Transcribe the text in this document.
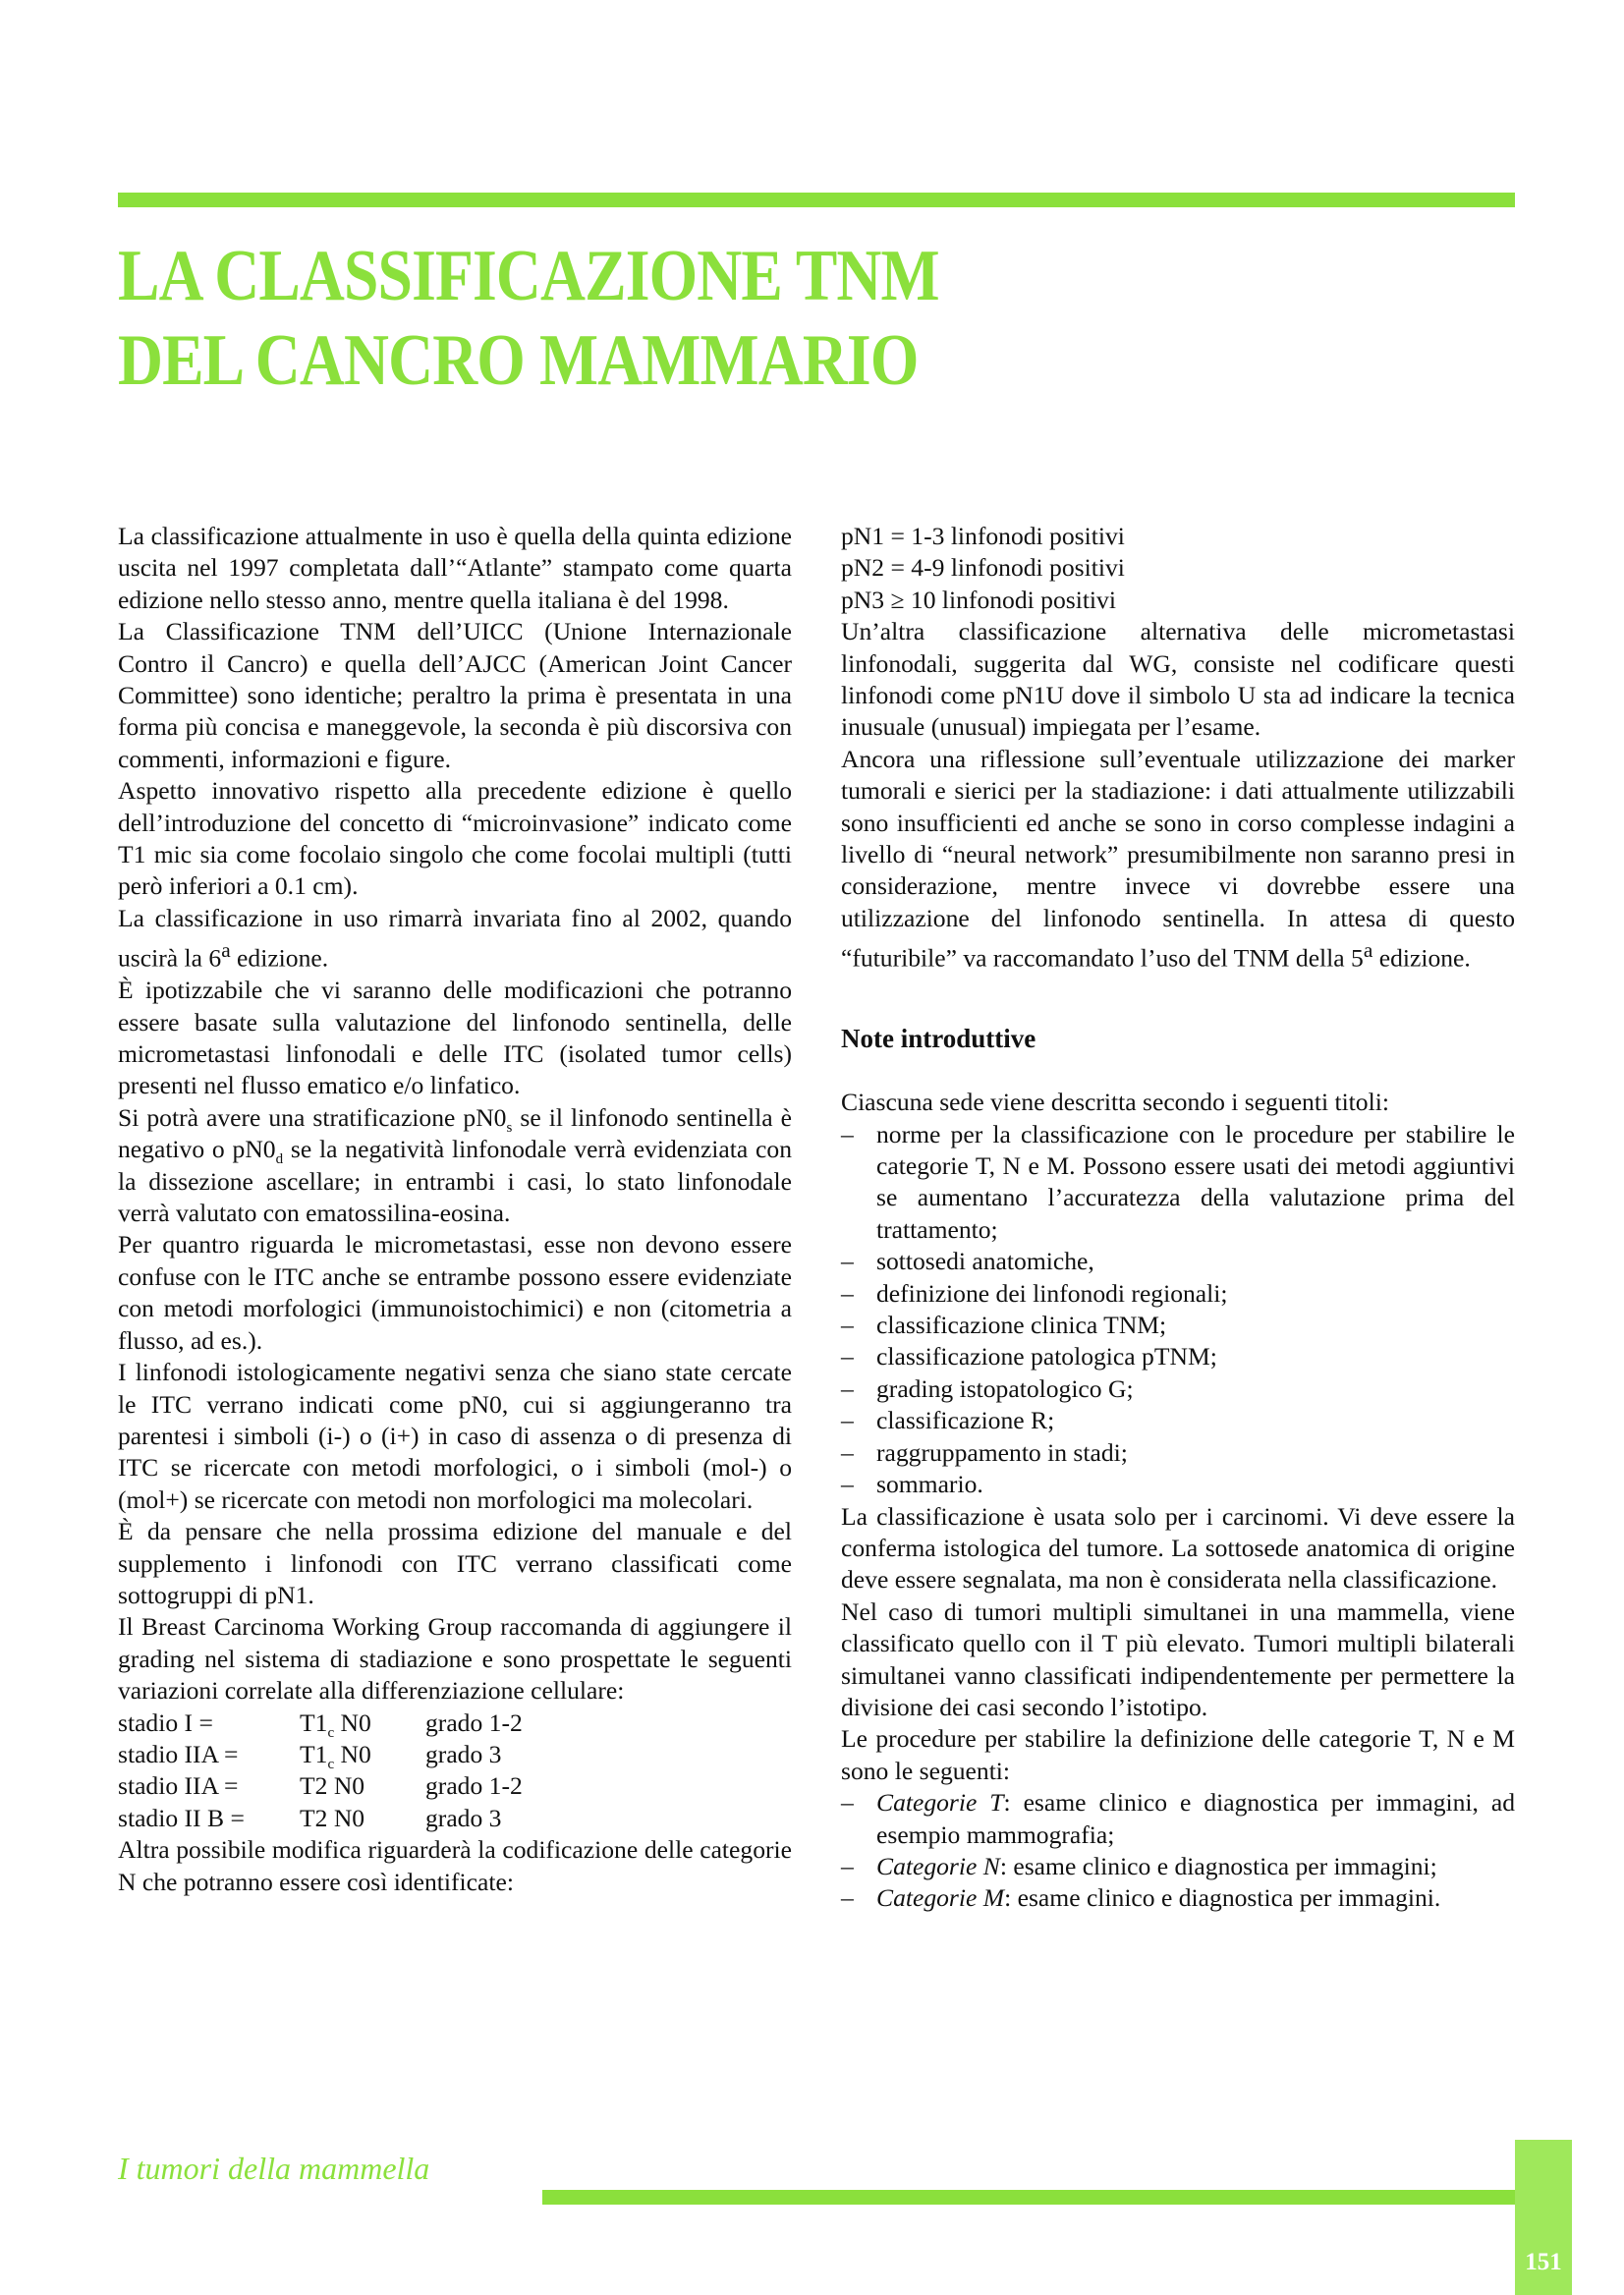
LA CLASSIFICAZIONE TNM
DEL CANCRO MAMMARIO

La classificazione attualmente in uso è quella della quinta edizione uscita nel 1997 completata dall’“Atlante” stampato come quarta edizione nello stesso anno, mentre quella italiana è del 1998.

La Classificazione TNM dell’UICC (Unione Internazionale Contro il Cancro) e quella dell’AJCC (American Joint Cancer Committee) sono identiche; peraltro la prima è presentata in una forma più concisa e maneggevole, la seconda è più discorsiva con commenti, informazioni e figure.

Aspetto innovativo rispetto alla precedente edizione è quello dell’introduzione del concetto di “microinvasione” indicato come T1 mic sia come focolaio singolo che come focolai multipli (tutti però inferiori a 0.1 cm).

La classificazione in uso rimarrà invariata fino al 2002, quando uscirà la 6$^a$ edizione.

È ipotizzabile che vi saranno delle modificazioni che potranno essere basate sulla valutazione del linfonodo sentinella, delle micrometastasi linfonodali e delle ITC (isolated tumor cells) presenti nel flusso ematico e/o linfatico.

Si potrà avere una stratificazione $pN0_s$ se il linfonodo sentinella è negativo o $pN0_d$ se la negatività linfonodale verrà evidenziata con la dissezione ascellare; in entrambi i casi, lo stato linfonodale verrà valutato con ematossilina-eosina.

Per quantro riguarda le micrometastasi, esse non devono essere confuse con le ITC anche se entrambe possono essere evidenziate con metodi morfologici (immunoistochimici) e non (citometria a flusso, ad es.).

I linfonodi istologicamente negativi senza che siano state cercate le ITC verrano indicati come pN0, cui si aggiungeranno tra parentesi i simboli (i-) o (i+) in caso di assenza o di presenza di ITC se ricercate con metodi morfologici, o i simboli (mol-) o (mol+) se ricercate con metodi non morfologici ma molecolari.

È da pensare che nella prossima edizione del manuale e del supplemento i linfonodi con ITC verrano classificati come sottogruppi di pN1.

Il Breast Carcinoma Working Group raccomanda di aggiungere il grading nel sistema di stadiazione e sono prospettate le seguenti variazioni correlate alla differenziazione cellulare:

stadio I =	$T1_c$ N0	grado 1-2
stadio IIA =	$T1_c$ N0	grado 3
stadio IIA =	T2 N0	grado 1-2
stadio II B =	T2 N0	grado 3

Altra possibile modifica riguarderà la codificazione delle categorie N che potranno essere così identificate:

pN1 = 1-3 linfonodi positivi

pN2 = 4-9 linfonodi positivi

pN3 ≥ 10 linfonodi positivi

Un’altra classificazione alternativa delle micrometastasi linfonodali, suggerita dal WG, consiste nel codificare questi linfonodi come pN1U dove il simbolo U sta ad indicare la tecnica inusuale (unusual) impiegata per l’esame.

Ancora una riflessione sull’eventuale utilizzazione dei marker tumorali e sierici per la stadiazione: i dati attualmente utilizzabili sono insufficienti ed anche se sono in corso complesse indagini a livello di “neural network” presumibilmente non saranno presi in considerazione, mentre invece vi dovrebbe essere una utilizzazione del linfonodo sentinella. In attesa di questo “futuribile” va raccomandato l’uso del TNM della 5$^a$ edizione.

Note introduttive

Ciascuna sede viene descritta secondo i seguenti titoli:

– norme per la classificazione con le procedure per stabilire le categorie T, N e M. Possono essere usati dei metodi aggiuntivi se aumentano l’accuratezza della valutazione prima del trattamento;
– sottosedi anatomiche,
– definizione dei linfonodi regionali;
– classificazione clinica TNM;
– classificazione patologica pTNM;
– grading istopatologico G;
– classificazione R;
– raggruppamento in stadi;
– sommario.

La classificazione è usata solo per i carcinomi. Vi deve essere la conferma istologica del tumore. La sottosede anatomica di origine deve essere segnalata, ma non è considerata nella classificazione.

Nel caso di tumori multipli simultanei in una mammella, viene classificato quello con il T più elevato. Tumori multipli bilaterali simultanei vanno classificati indipendentemente per permettere la divisione dei casi secondo l’istotipo.

Le procedure per stabilire la definizione delle categorie T, N e M sono le seguenti:

– Categorie T: esame clinico e diagnostica per immagini, ad esempio mammografia;
– Categorie N: esame clinico e diagnostica per immagini;
– Categorie M: esame clinico e diagnostica per immagini.

I tumori della mammella

151
